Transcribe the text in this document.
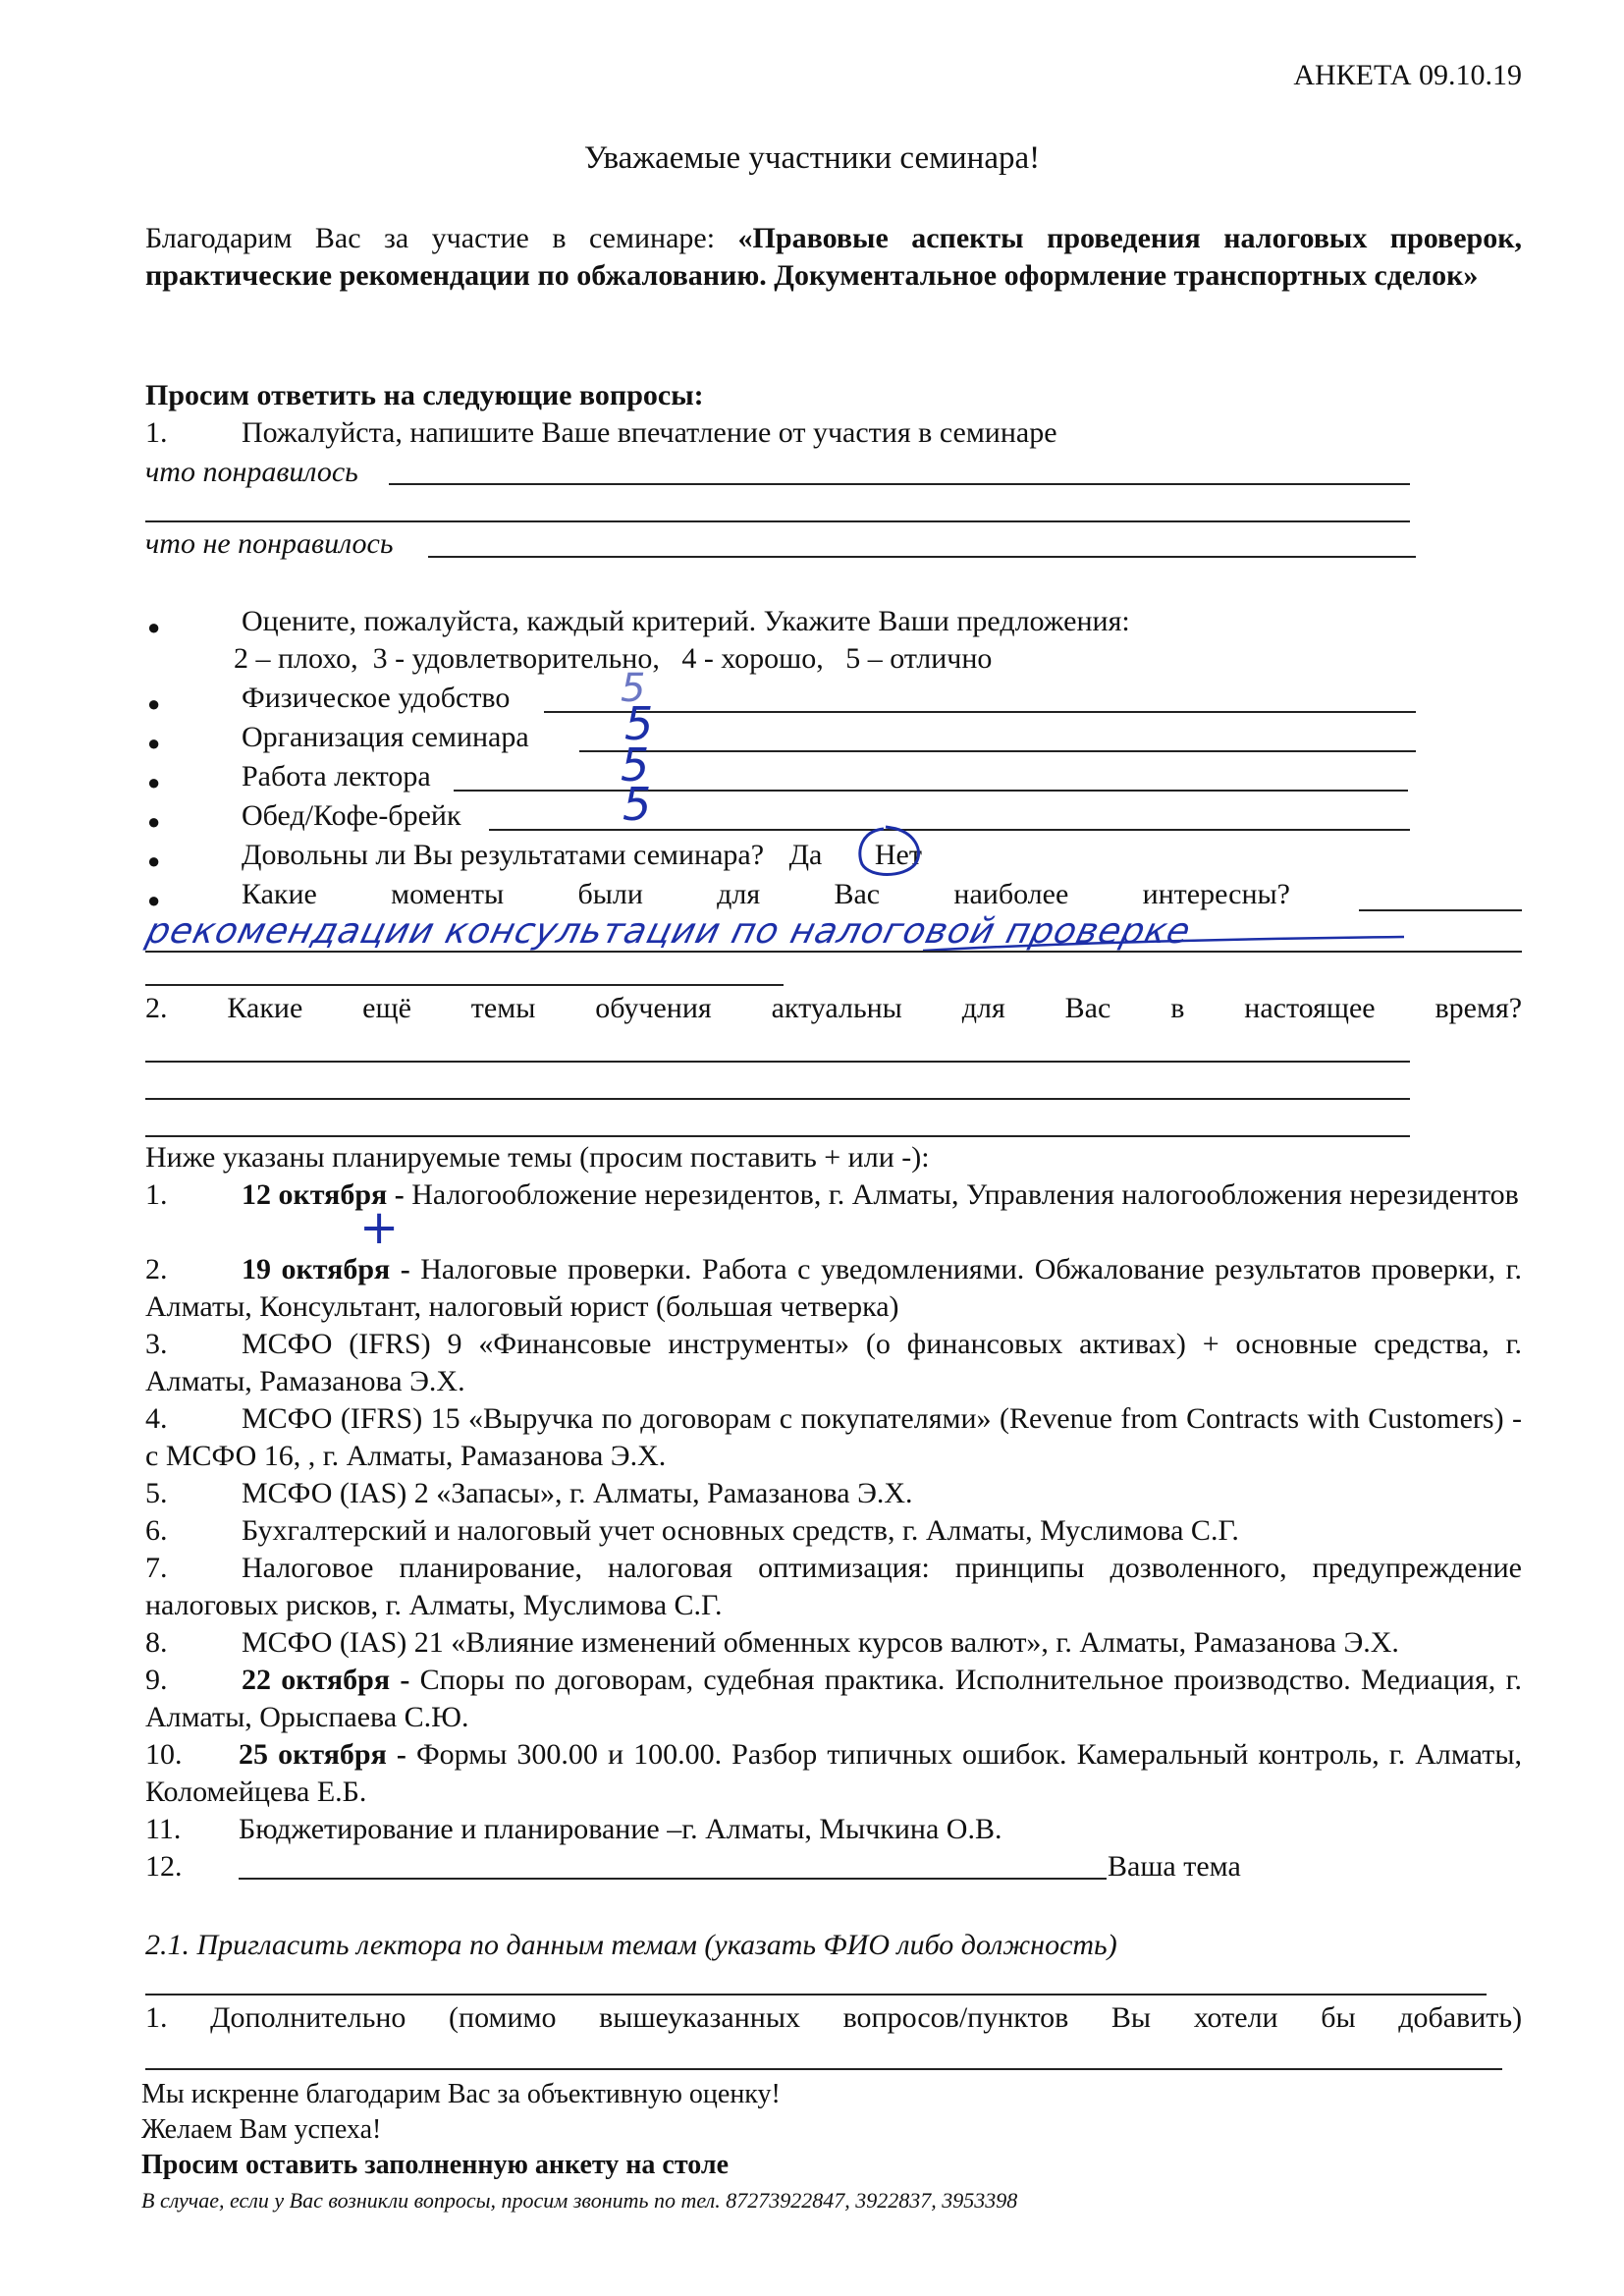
АНКЕТА 09.10.19
Уважаемые участники семинара!
Благодарим Вас за участие в семинаре: «Правовые аспекты проведения налоговых проверок, практические рекомендации по обжалованию. Документальное оформление транспортных сделок»
Просим ответить на следующие вопросы:
1.	Пожалуйста, напишите Ваше впечатление от участия в семинаре
что понравилось
что не понравилось
●	Оцените, пожалуйста, каждый критерий. Укажите Ваши предложения:
2 – плохо,  3 - удовлетворительно,   4 - хорошо,   5 – отлично
●	Физическое удобство	5
●	Организация семинара 5
●	Работа лектора	5
●	Обед/Кофе-брейк	5
●	Довольны ли Вы результатами семинара? Да Нет
●	Какие	моменты	были	для	Вас	наиболее	интересны?
рекомендации консультации по налоговой проверке
2. Какие ещё темы обучения актуальны для Вас в настоящее время?
Ниже указаны планируемые темы (просим поставить + или -):
1.	12 октября - Налогообложение нерезидентов, г. Алматы, Управления налогообложения нерезидентов
+
2.	19 октября - Налоговые проверки. Работа с уведомлениями. Обжалование результатов проверки, г. Алматы, Консультант, налоговый юрист (большая четверка)
3.	МСФО (IFRS) 9 «Финансовые инструменты» (о финансовых активах) + основные средства, г. Алматы, Рамазанова Э.Х.
4.	МСФО (IFRS) 15 «Выручка по договорам с покупателями» (Revenue from Contracts with Customers) - с МСФО 16, , г. Алматы, Рамазанова Э.Х.
5.	МСФО (IAS) 2 «Запасы», г. Алматы, Рамазанова Э.Х.
6.	Бухгалтерский и налоговый учет основных средств, г. Алматы, Муслимова С.Г.
7.	Налоговое планирование, налоговая оптимизация: принципы дозволенного, предупреждение налоговых рисков, г. Алматы, Муслимова С.Г.
8.	МСФО (IAS) 21 «Влияние изменений обменных курсов валют», г. Алматы, Рамазанова Э.Х.
9.	22 октября - Споры по договорам, судебная практика. Исполнительное производство. Медиация, г. Алматы, Орыспаева С.Ю.
10. 25 октября - Формы 300.00 и 100.00. Разбор типичных ошибок. Камеральный контроль, г. Алматы, Коломейцева Е.Б.
11. Бюджетирование и планирование –г. Алматы, Мычкина О.В.
12.	Ваша тема
2.1. Пригласить лектора по данным темам (указать ФИО либо должность)
1. Дополнительно (помимо вышеуказанных вопросов/пунктов Вы хотели бы добавить)
Мы искренне благодарим Вас за объективную оценку!
Желаем Вам успеха!
Просим оставить заполненную анкету на столе
В случае, если у Вас возникли вопросы, просим звонить по тел. 87273922847, 3922837, 3953398
